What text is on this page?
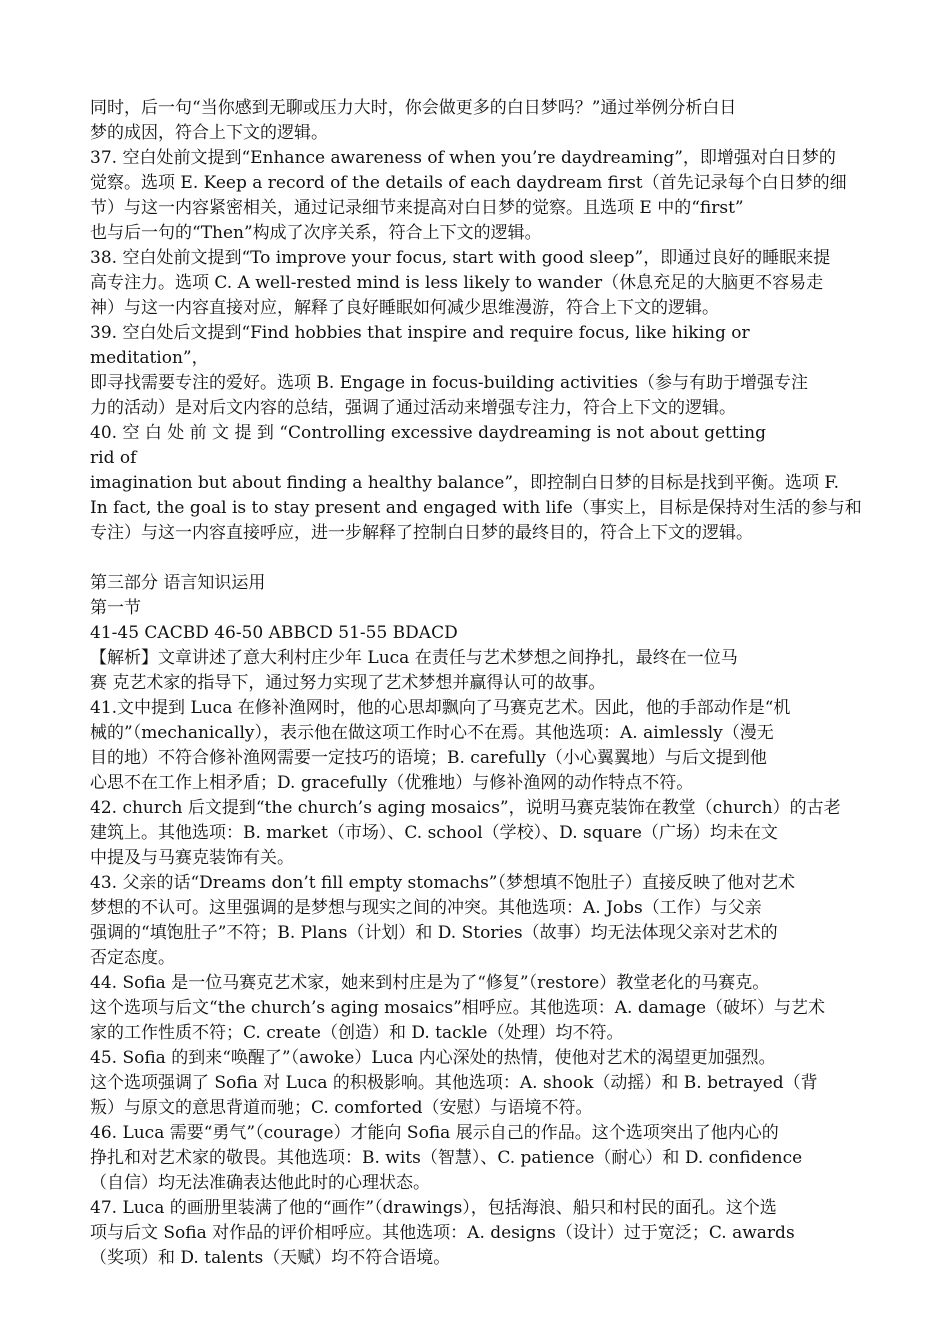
同时，后一句“当你感到无聊或压力大时，你会做更多的白日梦吗？”通过举例分析白日
梦的成因，符合上下文的逻辑。
37. 空白处前文提到“Enhance awareness of when you’re daydreaming”，即增强对白日梦的
觉察。选项 E. Keep a record of the details of each daydream first（首先记录每个白日梦的细
节）与这一内容紧密相关，通过记录细节来提高对白日梦的觉察。且选项 E 中的“first”
也与后一句的“Then”构成了次序关系，符合上下文的逻辑。
38. 空白处前文提到“To improve your focus, start with good sleep”，即通过良好的睡眠来提
高专注力。选项 C. A well-rested mind is less likely to wander（休息充足的大脑更不容易走
神）与这一内容直接对应，解释了良好睡眠如何减少思维漫游，符合上下文的逻辑。
39. 空白处后文提到“Find hobbies that inspire and require focus, like hiking or
meditation”，
即寻找需要专注的爱好。选项 B. Engage in focus-building activities（参与有助于增强专注
力的活动）是对后文内容的总结，强调了通过活动来增强专注力，符合上下文的逻辑。
40. 空 白 处 前 文 提 到 “Controlling excessive daydreaming is not about getting
rid of
imagination but about finding a healthy balance”，即控制白日梦的目标是找到平衡。选项 F.
In fact, the goal is to stay present and engaged with life（事实上，目标是保持对生活的参与和
专注）与这一内容直接呼应，进一步解释了控制白日梦的最终目的，符合上下文的逻辑。
第三部分 语言知识运用
第一节
41-45 CACBD 46-50 ABBCD 51-55 BDACD
【解析】文章讲述了意大利村庄少年 Luca 在责任与艺术梦想之间挣扎，最终在一位马
赛 克艺术家的指导下，通过努力实现了艺术梦想并赢得认可的故事。
41.文中提到 Luca 在修补渔网时，他的心思却飘向了马赛克艺术。因此，他的手部动作是“机
械的”（mechanically），表示他在做这项工作时心不在焉。其他选项：A. aimlessly（漫无
目的地）不符合修补渔网需要一定技巧的语境；B. carefully（小心翼翼地）与后文提到他
心思不在工作上相矛盾；D. gracefully（优雅地）与修补渔网的动作特点不符。
42. church 后文提到“the church’s aging mosaics”，说明马赛克装饰在教堂（church）的古老
建筑上。其他选项：B. market（市场）、C. school（学校）、D. square（广场）均未在文
中提及与马赛克装饰有关。
43. 父亲的话“Dreams don’t fill empty stomachs”（梦想填不饱肚子）直接反映了他对艺术
梦想的不认可。这里强调的是梦想与现实之间的冲突。其他选项：A. Jobs（工作）与父亲
强调的“填饱肚子”不符；B. Plans（计划）和 D. Stories（故事）均无法体现父亲对艺术的
否定态度。
44. Sofia 是一位马赛克艺术家，她来到村庄是为了“修复”（restore）教堂老化的马赛克。
这个选项与后文“the church’s aging mosaics”相呼应。其他选项：A. damage（破坏）与艺术
家的工作性质不符；C. create（创造）和 D. tackle（处理）均不符。
45. Sofia 的到来“唤醒了”（awoke）Luca 内心深处的热情，使他对艺术的渴望更加强烈。
这个选项强调了 Sofia 对 Luca 的积极影响。其他选项：A. shook（动摇）和 B. betrayed（背
叛）与原文的意思背道而驰；C. comforted（安慰）与语境不符。
46. Luca 需要“勇气”（courage）才能向 Sofia 展示自己的作品。这个选项突出了他内心的
挣扎和对艺术家的敬畏。其他选项：B. wits（智慧）、C. patience（耐心）和 D. confidence
（自信）均无法准确表达他此时的心理状态。
47. Luca 的画册里装满了他的“画作”（drawings），包括海浪、船只和村民的面孔。这个选
项与后文 Sofia 对作品的评价相呼应。其他选项：A. designs（设计）过于宽泛；C. awards
（奖项）和 D. talents（天赋）均不符合语境。
